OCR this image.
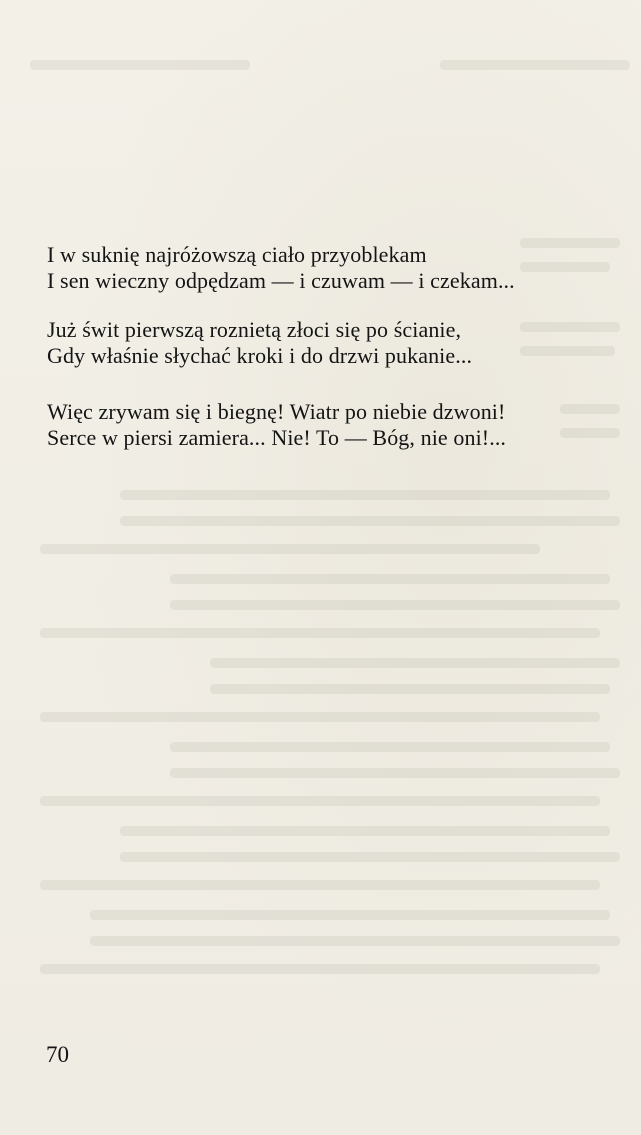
I w suknię najróżowszą ciało przyoblekam
I sen wieczny odpędzam — i czuwam — i czekam...
Już świt pierwszą roznietą złoci się po ścianie,
Gdy właśnie słychać kroki i do drzwi pukanie...
Więc zrywam się i biegnę! Wiatr po niebie dzwoni!
Serce w piersi zamiera... Nie! To — Bóg, nie oni!...
70
